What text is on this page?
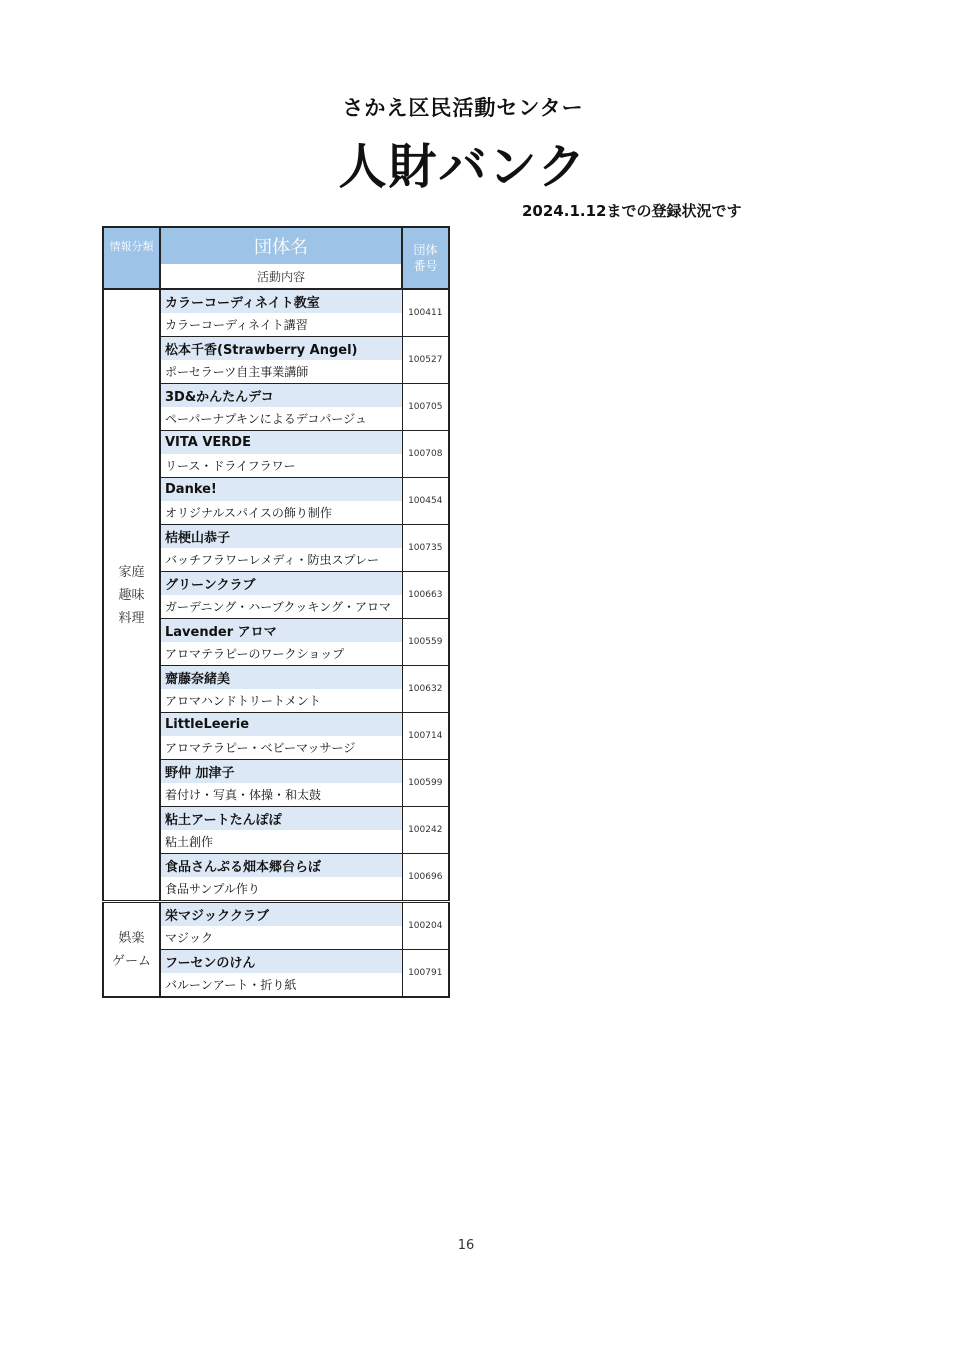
さかえ区民活動センター
人財バンク
2024.1.12までの登録状況です
情報分類	団体名	団体
番号
	活動内容	
家庭
趣味
料理	カラーコーディネイト教室	100411
	カラーコーディネイト講習	
	松本千香(Strawberry Angel)	100527
	ポーセラーツ自主事業講師	
	3D&かんたんデコ	100705
	ペーパーナプキンによるデコパージュ	
	VITA VERDE	100708
	リース・ドライフラワー	
	Danke!	100454
	オリジナルスパイスの飾り制作	
	桔梗山恭子	100735
	バッチフラワーレメディ・防虫スプレー	
	グリーンクラブ	100663
	ガーデニング・ハーブクッキング・アロマ	
	Lavender アロマ	100559
	アロマテラピーのワークショップ	
	齋藤奈緒美	100632
	アロマハンドトリートメント	
	LittleLeerie	100714
	アロマテラピー・ベビーマッサージ	
	野仲 加津子	100599
	着付け・写真・体操・和太鼓	
	粘土アートたんぽぽ	100242
	粘土創作	
	食品さんぷる畑本郷台らぼ	100696
	食品サンプル作り	
娯楽
ゲーム	栄マジッククラブ	100204
	マジック	
	フーセンのけん	100791
	バルーンアート・折り紙	
16
